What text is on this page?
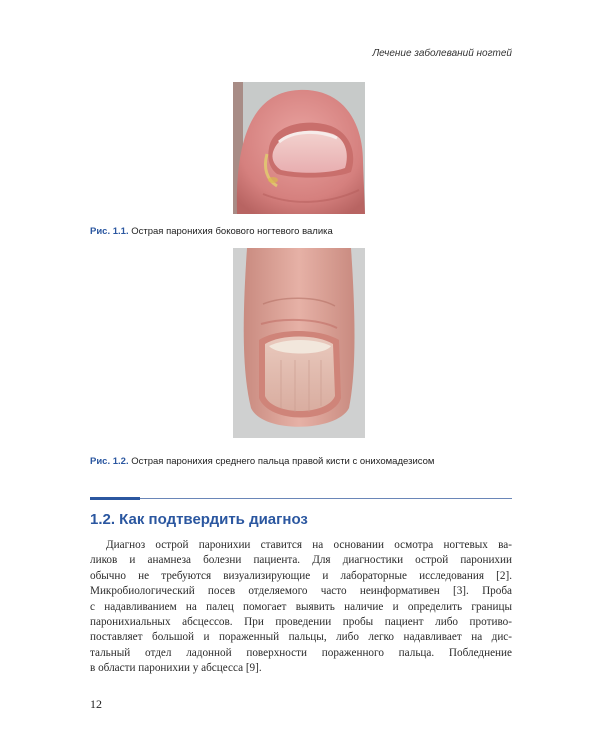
Лечение заболеваний ногтей
Рис. 1.1. Острая паронихия бокового ногтевого валика
Рис. 1.2. Острая паронихия среднего пальца правой кисти с онихомадезисом
1.2. Как подтвердить диагноз
Диагноз острой паронихии ставится на основании осмотра ногтевых ва-
ликов и анамнеза болезни пациента. Для диагностики острой паронихии
обычно не требуются визуализирующие и лабораторные исследования [2].
Микробиологический посев отделяемого часто неинформативен [3]. Проба
с надавливанием на палец помогает выявить наличие и определить границы
паронихиальных абсцессов. При проведении пробы пациент либо противо-
поставляет большой и пораженный пальцы, либо легко надавливает на дис-
тальный отдел ладонной поверхности пораженного пальца. Побледнение
в области паронихии у абсцесса [9].
12
